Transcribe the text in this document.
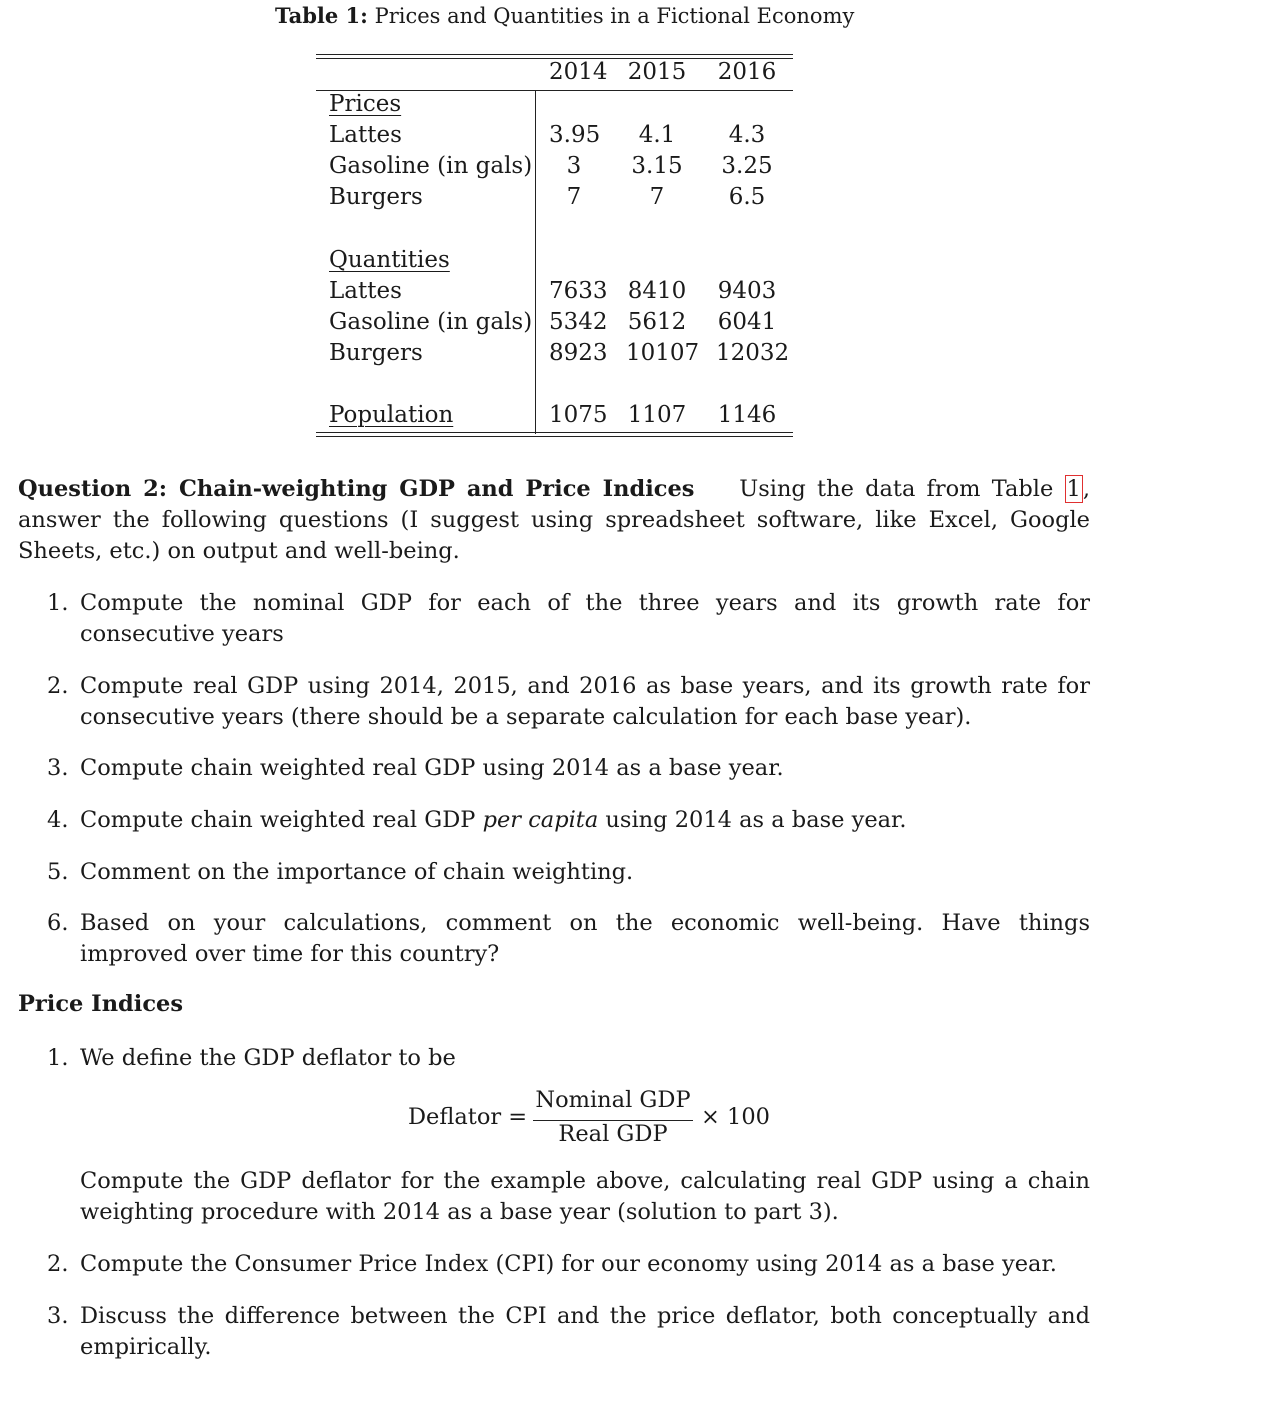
Table 1: Prices and Quantities in a Fictional Economy
2014 2015 2016
Prices
Lattes	3.95	4.1	4.3
Gasoline (in gals)	3	3.15 3.25
Burgers	7	7	6.5
Quantities
Lattes	7633 8410 9403
Gasoline (in gals) 5342 5612 6041
Burgers	8923 10107 12032
Population	1075 1107 1146
Question 2: Chain-weighting GDP and Price Indices Using the data from Table 1, answer the following questions (I suggest using spreadsheet software, like Excel, Google Sheets, etc.) on output and well-being.
1. Compute the nominal GDP for each of the three years and its growth rate for consecutive years
2. Compute real GDP using 2014, 2015, and 2016 as base years, and its growth rate for consecutive years (there should be a separate calculation for each base year).
3. Compute chain weighted real GDP using 2014 as a base year.
4. Compute chain weighted real GDP per capita using 2014 as a base year.
5. Comment on the importance of chain weighting.
6. Based on your calculations, comment on the economic well-being. Have things improved over time for this country?
Price Indices
1. We define the GDP deflator to be
Deflator =
Nominal GDP
Real GDP
× 100
Compute the GDP deflator for the example above, calculating real GDP using a chain weighting procedure with 2014 as a base year (solution to part 3).
2. Compute the Consumer Price Index (CPI) for our economy using 2014 as a base year.
3. Discuss the difference between the CPI and the price deflator, both conceptually and empirically.
